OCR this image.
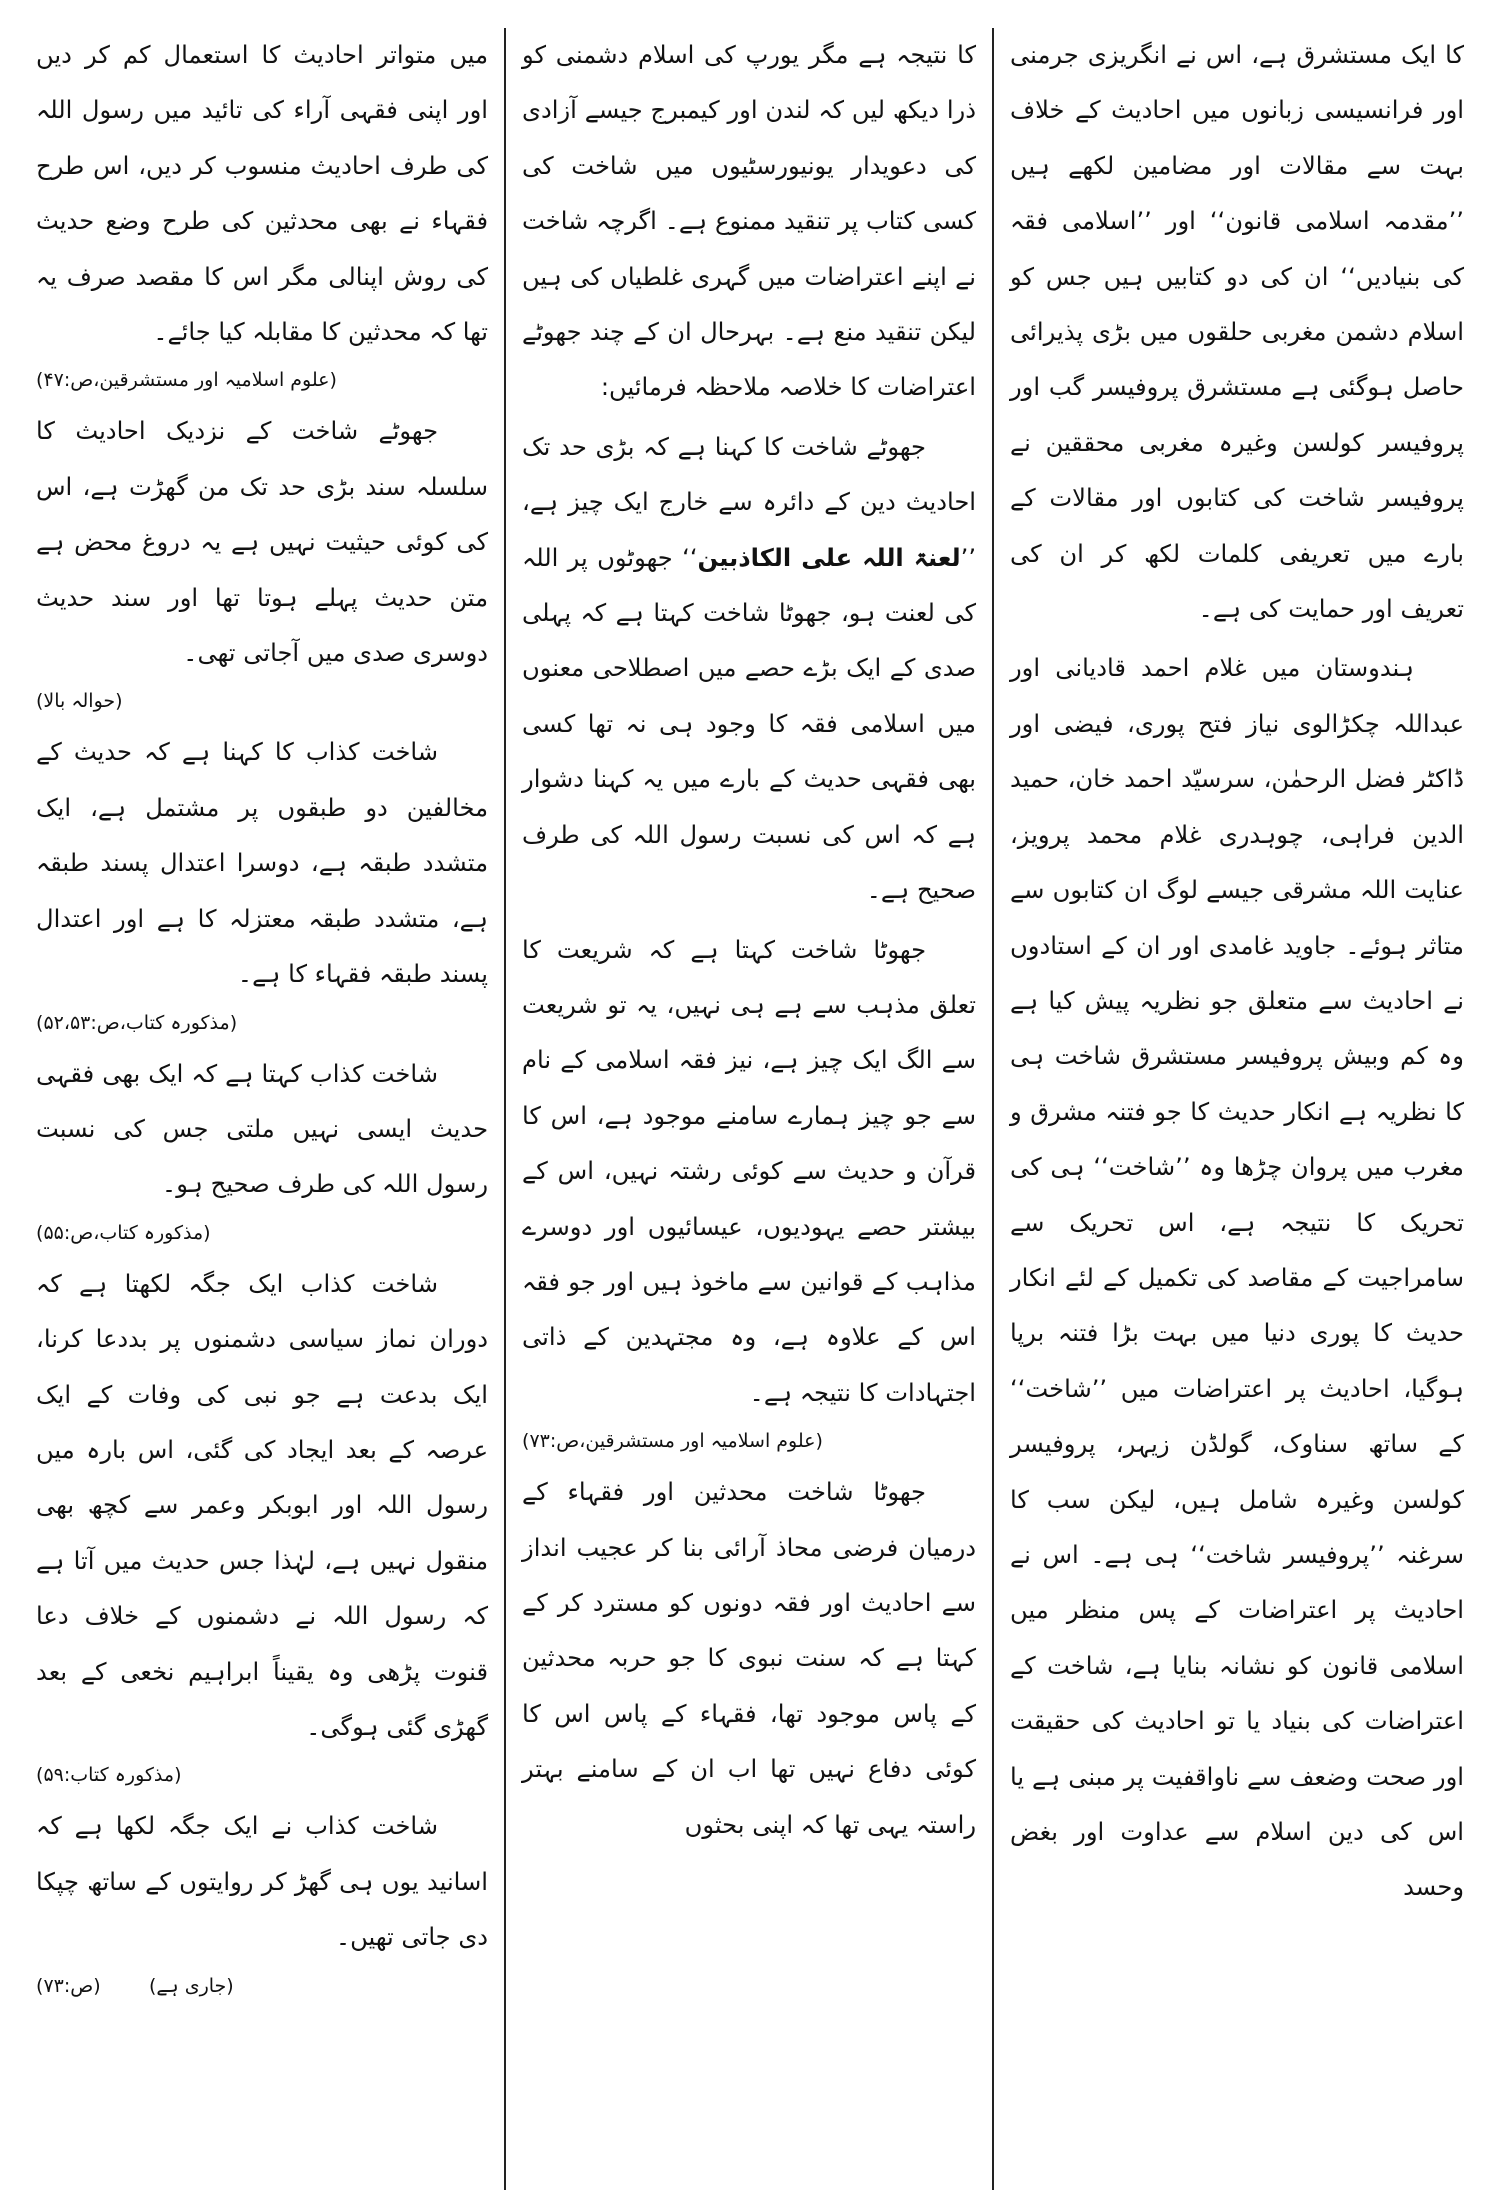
کا ایک مستشرق ہے، اس نے انگریزی جرمنی اور فرانسیسی زبانوں میں احادیث کے خلاف بہت سے مقالات اور مضامین لکھے ہیں ’’مقدمہ اسلامی قانون‘‘ اور ’’اسلامی فقہ کی بنیادیں‘‘ ان کی دو کتابیں ہیں جس کو اسلام دشمن مغربی حلقوں میں بڑی پذیرائی حاصل ہوگئی ہے مستشرق پروفیسر گب اور پروفیسر کولسن وغیرہ مغربی محققین نے پروفیسر شاخت کی کتابوں اور مقالات کے بارے میں تعریفی کلمات لکھ کر ان کی تعریف اور حمایت کی ہے۔

ہندوستان میں غلام احمد قادیانی اور عبداللہ چکڑالوی نیاز فتح پوری، فیضی اور ڈاکٹر فضل الرحمٰن، سرسیّد احمد خان، حمید الدین فراہی، چوہدری غلام محمد پرویز، عنایت اللہ مشرقی جیسے لوگ ان کتابوں سے متاثر ہوئے۔ جاوید غامدی اور ان کے استادوں نے احادیث سے متعلق جو نظریہ پیش کیا ہے وہ کم وبیش پروفیسر مستشرق شاخت ہی کا نظریہ ہے انکار حدیث کا جو فتنہ مشرق و مغرب میں پروان چڑھا وہ ’’شاخت‘‘ ہی کی تحریک کا نتیجہ ہے، اس تحریک سے سامراجیت کے مقاصد کی تکمیل کے لئے انکار حدیث کا پوری دنیا میں بہت بڑا فتنہ برپا ہوگیا، احادیث پر اعتراضات میں ’’شاخت‘‘ کے ساتھ سناوک، گولڈن زیہر، پروفیسر کولسن وغیرہ شامل ہیں، لیکن سب کا سرغنہ ’’پروفیسر شاخت‘‘ ہی ہے۔ اس نے احادیث پر اعتراضات کے پس منظر میں اسلامی قانون کو نشانہ بنایا ہے، شاخت کے اعتراضات کی بنیاد یا تو احادیث کی حقیقت اور صحت وضعف سے ناواقفیت پر مبنی ہے یا اس کی دین اسلام سے عداوت اور بغض وحسد

کا نتیجہ ہے مگر یورپ کی اسلام دشمنی کو ذرا دیکھ لیں کہ لندن اور کیمبرج جیسے آزادی کی دعویدار یونیورسٹیوں میں شاخت کی کسی کتاب پر تنقید ممنوع ہے۔ اگرچہ شاخت نے اپنے اعتراضات میں گہری غلطیاں کی ہیں لیکن تنقید منع ہے۔ بہرحال ان کے چند جھوٹے اعتراضات کا خلاصہ ملاحظہ فرمائیں:

جھوٹے شاخت کا کہنا ہے کہ بڑی حد تک احادیث دین کے دائرہ سے خارج ایک چیز ہے، ’’لعنۃ اللہ علی الکاذبین‘‘ جھوٹوں پر اللہ کی لعنت ہو، جھوٹا شاخت کہتا ہے کہ پہلی صدی کے ایک بڑے حصے میں اصطلاحی معنوں میں اسلامی فقہ کا وجود ہی نہ تھا کسی بھی فقہی حدیث کے بارے میں یہ کہنا دشوار ہے کہ اس کی نسبت رسول اللہ کی طرف صحیح ہے۔

جھوٹا شاخت کہتا ہے کہ شریعت کا تعلق مذہب سے ہے ہی نہیں، یہ تو شریعت سے الگ ایک چیز ہے، نیز فقہ اسلامی کے نام سے جو چیز ہمارے سامنے موجود ہے، اس کا قرآن و حدیث سے کوئی رشتہ نہیں، اس کے بیشتر حصے یہودیوں، عیسائیوں اور دوسرے مذاہب کے قوانین سے ماخوذ ہیں اور جو فقہ اس کے علاوہ ہے، وہ مجتہدین کے ذاتی اجتہادات کا نتیجہ ہے۔

(علوم اسلامیہ اور مستشرقین،ص:۷۳)

جھوٹا شاخت محدثین اور فقہاء کے درمیان فرضی محاذ آرائی بنا کر عجیب انداز سے احادیث اور فقہ دونوں کو مسترد کر کے کہتا ہے کہ سنت نبوی کا جو حربہ محدثین کے پاس موجود تھا، فقہاء کے پاس اس کا کوئی دفاع نہیں تھا اب ان کے سامنے بہتر راستہ یہی تھا کہ اپنی بحثوں

میں متواتر احادیث کا استعمال کم کر دیں اور اپنی فقہی آراء کی تائید میں رسول اللہ کی طرف احادیث منسوب کر دیں، اس طرح فقہاء نے بھی محدثین کی طرح وضع حدیث کی روش اپنالی مگر اس کا مقصد صرف یہ تھا کہ محدثین کا مقابلہ کیا جائے۔

(علوم اسلامیہ اور مستشرقین،ص:۴۷)

جھوٹے شاخت کے نزدیک احادیث کا سلسلہ سند بڑی حد تک من گھڑت ہے، اس کی کوئی حیثیت نہیں ہے یہ دروغ محض ہے متن حدیث پہلے ہوتا تھا اور سند حدیث دوسری صدی میں آجاتی تھی۔

(حوالہ بالا)

شاخت کذاب کا کہنا ہے کہ حدیث کے مخالفین دو طبقوں پر مشتمل ہے، ایک متشدد طبقہ ہے، دوسرا اعتدال پسند طبقہ ہے، متشدد طبقہ معتزلہ کا ہے اور اعتدال پسند طبقہ فقہاء کا ہے۔

(مذکورہ کتاب،ص:۵۲،۵۳)

شاخت کذاب کہتا ہے کہ ایک بھی فقہی حدیث ایسی نہیں ملتی جس کی نسبت رسول اللہ کی طرف صحیح ہو۔

(مذکورہ کتاب،ص:۵۵)

شاخت کذاب ایک جگہ لکھتا ہے کہ دوران نماز سیاسی دشمنوں پر بددعا کرنا، ایک بدعت ہے جو نبی کی وفات کے ایک عرصہ کے بعد ایجاد کی گئی، اس بارہ میں رسول اللہ اور ابوبکر وعمر سے کچھ بھی منقول نہیں ہے، لہٰذا جس حدیث میں آتا ہے کہ رسول اللہ نے دشمنوں کے خلاف دعا قنوت پڑھی وہ یقیناً ابراہیم نخعی کے بعد گھڑی گئی ہوگی۔

(مذکورہ کتاب:۵۹)

شاخت کذاب نے ایک جگہ لکھا ہے کہ اسانید یوں ہی گھڑ کر روایتوں کے ساتھ چپکا دی جاتی تھیں۔

(جاری ہے)        (ص:۷۳)
